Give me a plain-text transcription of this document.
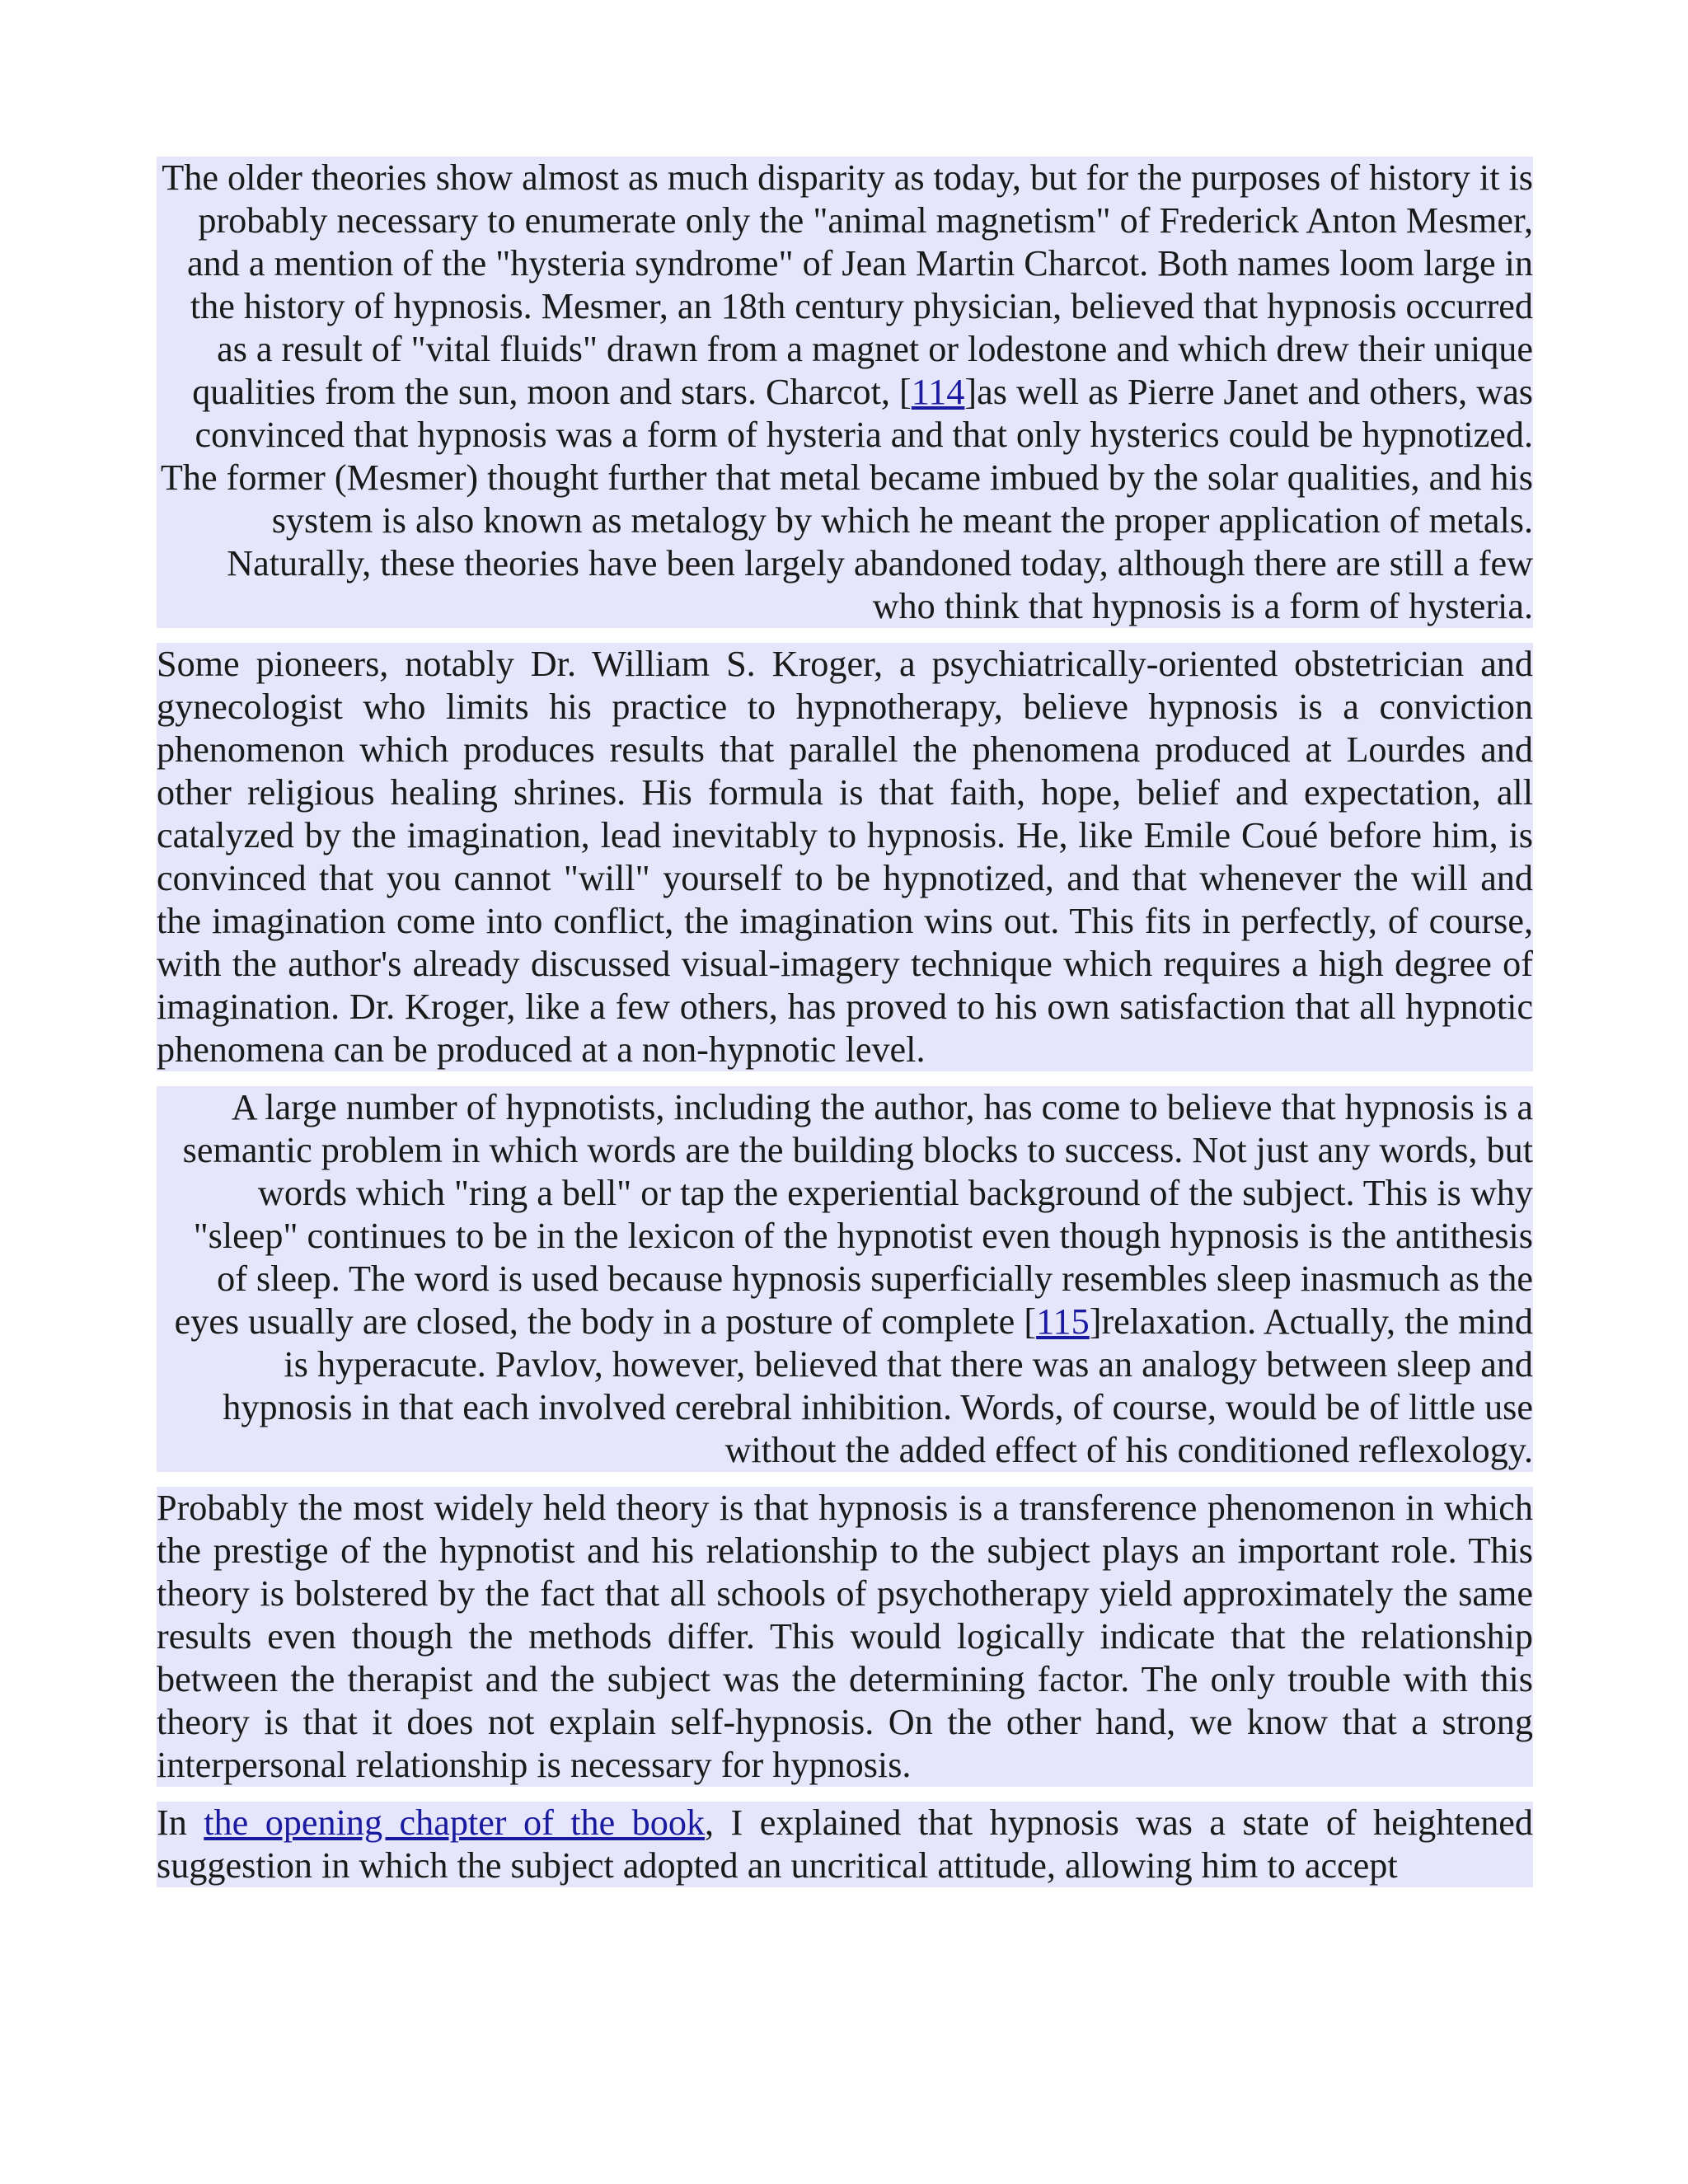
The older theories show almost as much disparity as today, but for the purposes of history it is probably necessary to enumerate only the "animal magnetism" of Frederick Anton Mesmer, and a mention of the "hysteria syndrome" of Jean Martin Charcot. Both names loom large in the history of hypnosis. Mesmer, an 18th century physician, believed that hypnosis occurred as a result of "vital fluids" drawn from a magnet or lodestone and which drew their unique qualities from the sun, moon and stars. Charcot, [114]as well as Pierre Janet and others, was convinced that hypnosis was a form of hysteria and that only hysterics could be hypnotized. The former (Mesmer) thought further that metal became imbued by the solar qualities, and his system is also known as metalogy by which he meant the proper application of metals. Naturally, these theories have been largely abandoned today, although there are still a few who think that hypnosis is a form of hysteria.

Some pioneers, notably Dr. William S. Kroger, a psychiatrically-oriented obstetrician and gynecologist who limits his practice to hypnotherapy, believe hypnosis is a conviction phenomenon which produces results that parallel the phenomena produced at Lourdes and other religious healing shrines. His formula is that faith, hope, belief and expectation, all catalyzed by the imagination, lead inevitably to hypnosis. He, like Emile Coué before him, is convinced that you cannot "will" yourself to be hypnotized, and that whenever the will and the imagination come into conflict, the imagination wins out. This fits in perfectly, of course, with the author's already discussed visual-imagery technique which requires a high degree of imagination. Dr. Kroger, like a few others, has proved to his own satisfaction that all hypnotic phenomena can be produced at a non-hypnotic level.

A large number of hypnotists, including the author, has come to believe that hypnosis is a semantic problem in which words are the building blocks to success. Not just any words, but words which "ring a bell" or tap the experiential background of the subject. This is why "sleep" continues to be in the lexicon of the hypnotist even though hypnosis is the antithesis of sleep. The word is used because hypnosis superficially resembles sleep inasmuch as the eyes usually are closed, the body in a posture of complete [115]relaxation. Actually, the mind is hyperacute. Pavlov, however, believed that there was an analogy between sleep and hypnosis in that each involved cerebral inhibition. Words, of course, would be of little use without the added effect of his conditioned reflexology.

Probably the most widely held theory is that hypnosis is a transference phenomenon in which the prestige of the hypnotist and his relationship to the subject plays an important role. This theory is bolstered by the fact that all schools of psychotherapy yield approximately the same results even though the methods differ. This would logically indicate that the relationship between the therapist and the subject was the determining factor. The only trouble with this theory is that it does not explain self-hypnosis. On the other hand, we know that a strong interpersonal relationship is necessary for hypnosis.

In the opening chapter of the book, I explained that hypnosis was a state of heightened suggestion in which the subject adopted an uncritical attitude, allowing him to accept
